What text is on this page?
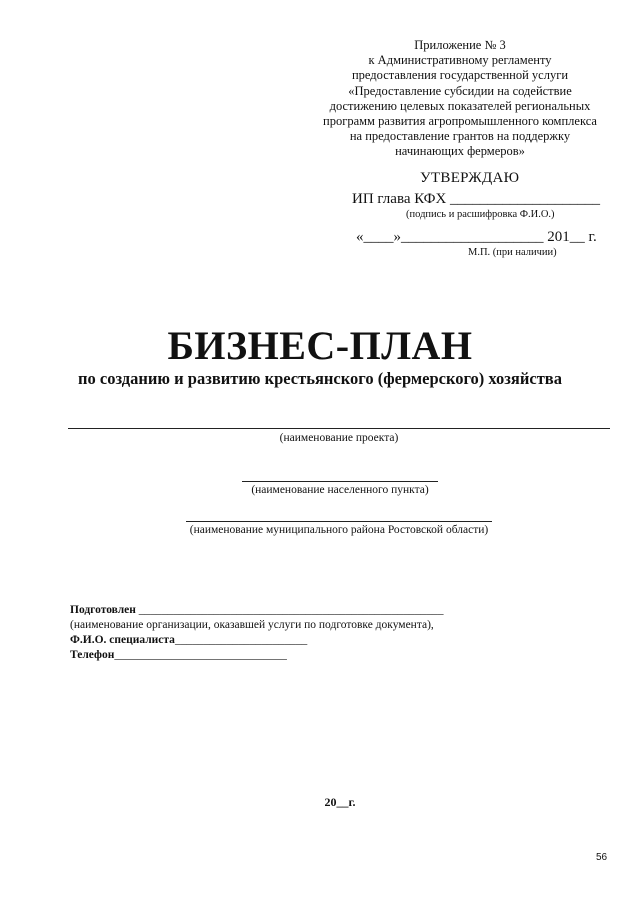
Приложение № 3
к Административному регламенту
предоставления государственной услуги
«Предоставление субсидии на содействие
достижению целевых показателей региональных
программ развития агропромышленного комплекса
на предоставление грантов на поддержку
начинающих фермеров»
УТВЕРЖДАЮ
ИП глава КФХ ____________________
(подпись и расшифровка Ф.И.О.)
«____»___________________ 201__ г.
М.П. (при наличии)
БИЗНЕС-ПЛАН
по созданию и развитию крестьянского (фермерского) хозяйства
(наименование проекта)
(наименование населенного пункта)
(наименование муниципального района Ростовской области)
Подготовлен _____________________________________________________
(наименование организации, оказавшей услуги по подготовке документа),
Ф.И.О. специалиста_______________________
Телефон______________________________
20__г.
56
